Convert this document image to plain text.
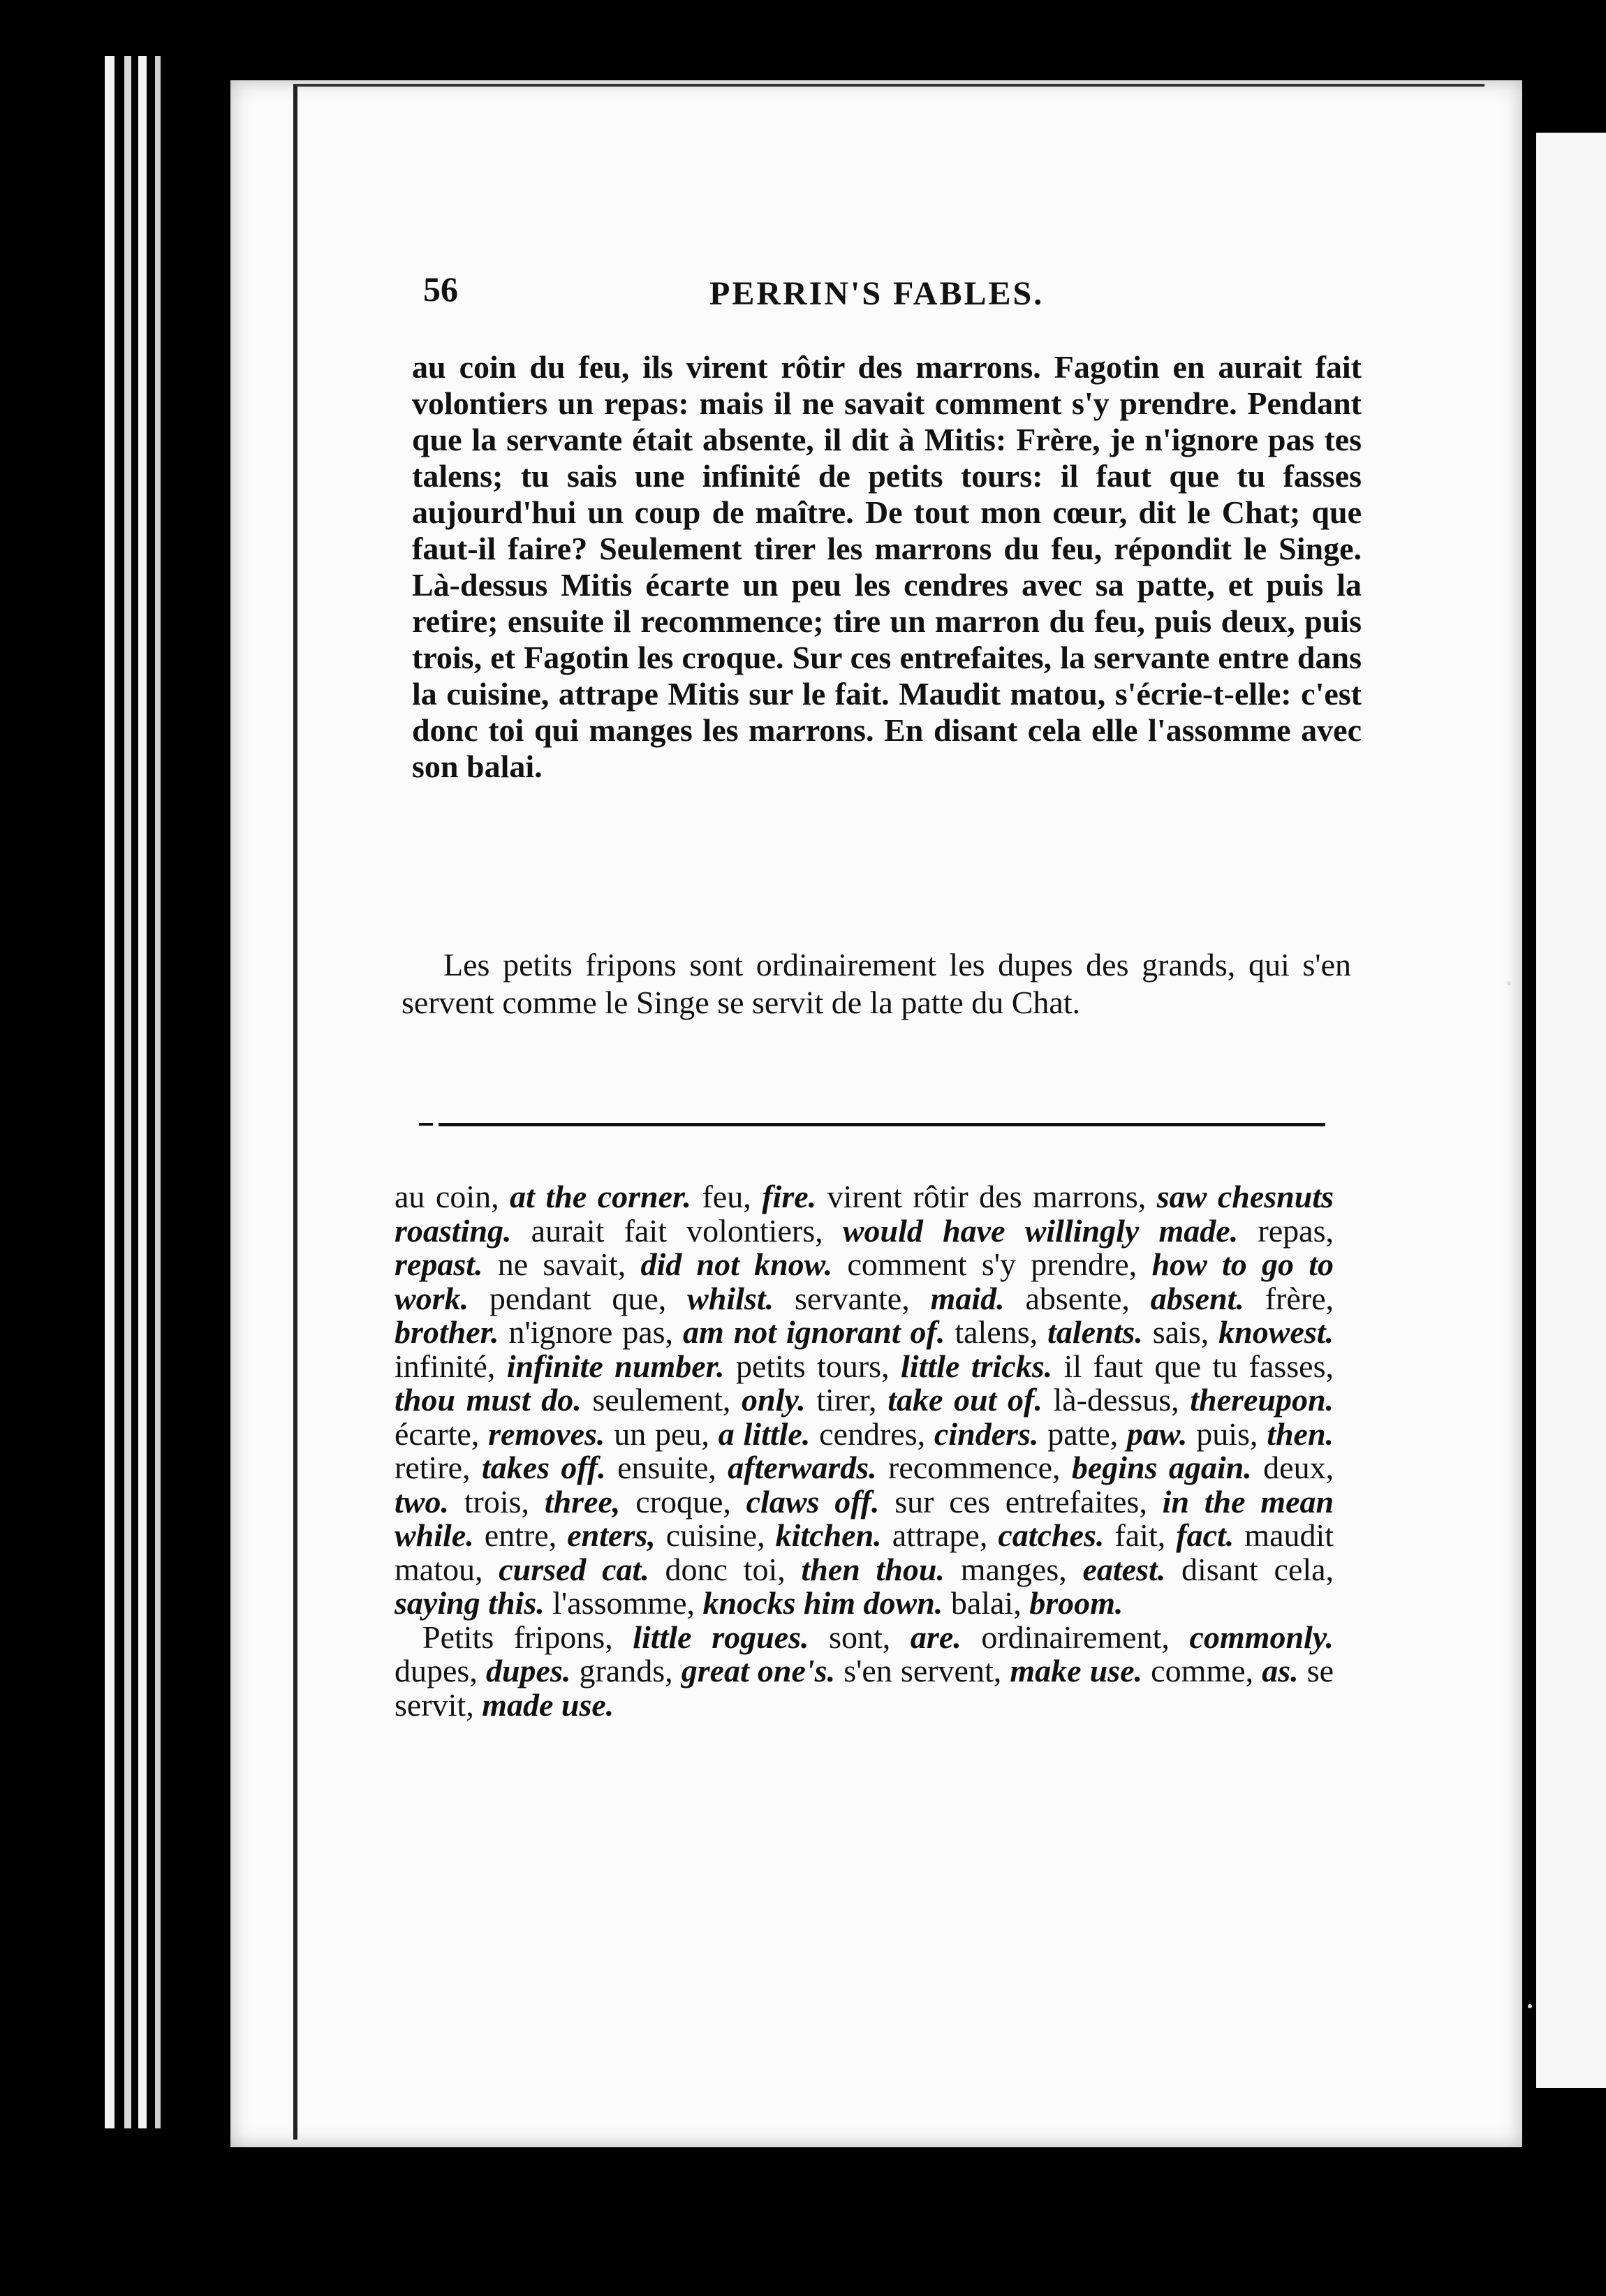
56	PERRIN'S FABLES.
au coin du feu, ils virent rôtir des marrons. Fagotin en aurait fait volontiers un repas: mais il ne savait comment s'y prendre. Pendant que la servante était absente, il dit à Mitis: Frère, je n'ignore pas tes talens; tu sais une infinité de petits tours: il faut que tu fasses aujourd'hui un coup de maître. De tout mon cœur, dit le Chat; que faut-il faire? Seulement tirer les marrons du feu, répondit le Singe. Là-dessus Mitis écarte un peu les cendres avec sa patte, et puis la retire; ensuite il recommence; tire un marron du feu, puis deux, puis trois, et Fagotin les croque. Sur ces entrefaites, la servante entre dans la cuisine, attrape Mitis sur le fait. Maudit matou, s'écrie-t-elle: c'est donc toi qui manges les marrons. En disant cela elle l'assomme avec son balai.
Les petits fripons sont ordinairement les dupes des grands, qui s'en servent comme le Singe se servit de la patte du Chat.

au coin, at the corner. feu, fire. virent rôtir des marrons, saw chesnuts roasting. aurait fait volontiers, would have willingly made. repas, repast. ne savait, did not know. comment s'y prendre, how to go to work. pendant que, whilst. servante, maid. absente, absent. frère, brother. n'ignore pas, am not ignorant of. talens, talents. sais, knowest. infinité, infinite number. petits tours, little tricks. il faut que tu fasses, thou must do. seulement, only. tirer, take out of. là-dessus, thereupon. écarte, removes. un peu, a little. cendres, cinders. patte, paw. puis, then. retire, takes off. ensuite, afterwards. recommence, begins again. deux, two. trois, three, croque, claws off. sur ces entrefaites, in the mean while. entre, enters, cuisine, kitchen. attrape, catches. fait, fact. maudit matou, cursed cat. donc toi, then thou. manges, eatest. disant cela, saying this. l'assomme, knocks him down. balai, broom.

Petits fripons, little rogues. sont, are. ordinairement, commonly. dupes, dupes. grands, great one's. s'en servent, make use. comme, as. se servit, made use.
